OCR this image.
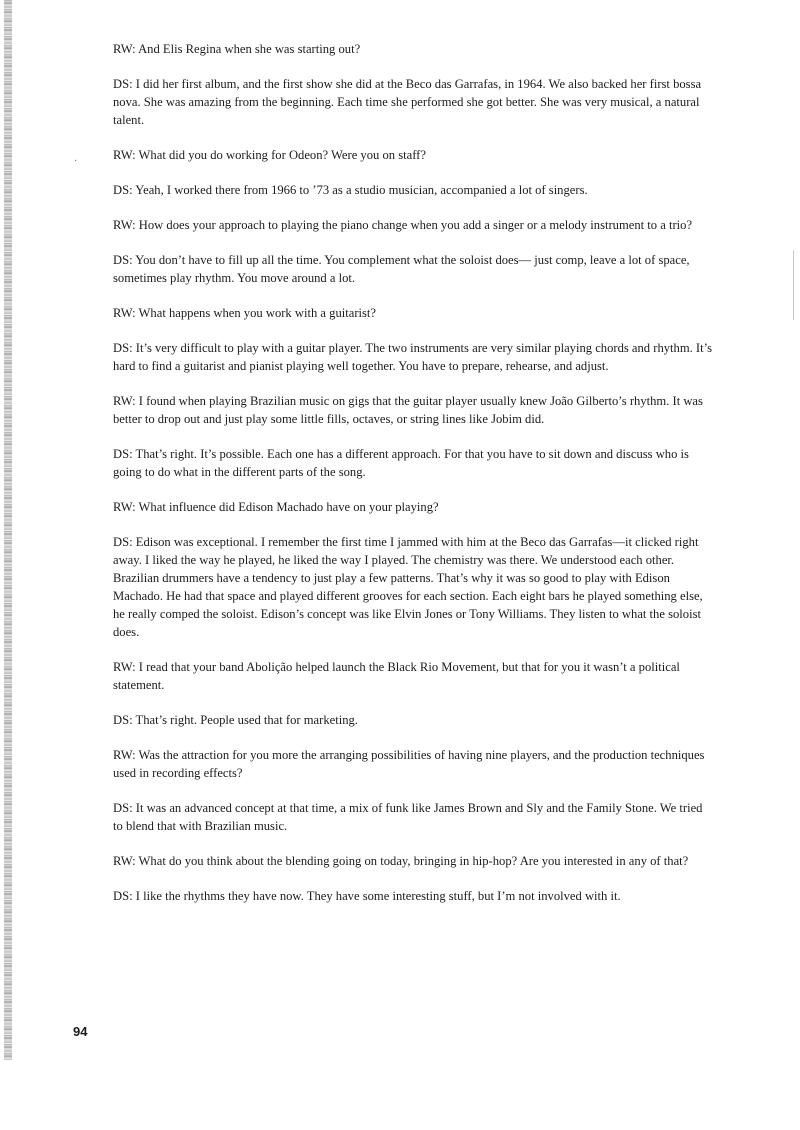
·

RW: And Elis Regina when she was starting out?

DS: I did her first album, and the first show she did at the Beco das Garrafas, in 1964. We also backed her first bossa nova. She was amazing from the beginning. Each time she performed she got better. She was very musical, a natural talent.

RW: What did you do working for Odeon? Were you on staff?

DS: Yeah, I worked there from 1966 to ’73 as a studio musician, accompanied a lot of singers.

RW: How does your approach to playing the piano change when you add a singer or a melody instrument to a trio?

DS: You don’t have to fill up all the time. You complement what the soloist does— just comp, leave a lot of space, sometimes play rhythm. You move around a lot.

RW: What happens when you work with a guitarist?

DS: It’s very difficult to play with a guitar player. The two instruments are very similar playing chords and rhythm. It’s hard to find a guitarist and pianist playing well together. You have to prepare, rehearse, and adjust.

RW: I found when playing Brazilian music on gigs that the guitar player usually knew João Gilberto’s rhythm. It was better to drop out and just play some little fills, octaves, or string lines like Jobim did.

DS: That’s right. It’s possible. Each one has a different approach. For that you have to sit down and discuss who is going to do what in the different parts of the song.

RW: What influence did Edison Machado have on your playing?

DS: Edison was exceptional. I remember the first time I jammed with him at the Beco das Garrafas—it clicked right away. I liked the way he played, he liked the way I played. The chemistry was there. We understood each other. Brazilian drummers have a tendency to just play a few patterns. That’s why it was so good to play with Edison Machado. He had that space and played different grooves for each section. Each eight bars he played something else, he really comped the soloist. Edison’s concept was like Elvin Jones or Tony Williams. They listen to what the soloist does.

RW: I read that your band Abolição helped launch the Black Rio Movement, but that for you it wasn’t a political statement.

DS: That’s right. People used that for marketing.

RW: Was the attraction for you more the arranging possibilities of having nine players, and the production techniques used in recording effects?

DS: It was an advanced concept at that time, a mix of funk like James Brown and Sly and the Family Stone. We tried to blend that with Brazilian music.

RW: What do you think about the blending going on today, bringing in hip-hop? Are you interested in any of that?

DS: I like the rhythms they have now. They have some interesting stuff, but I’m not involved with it.

94
